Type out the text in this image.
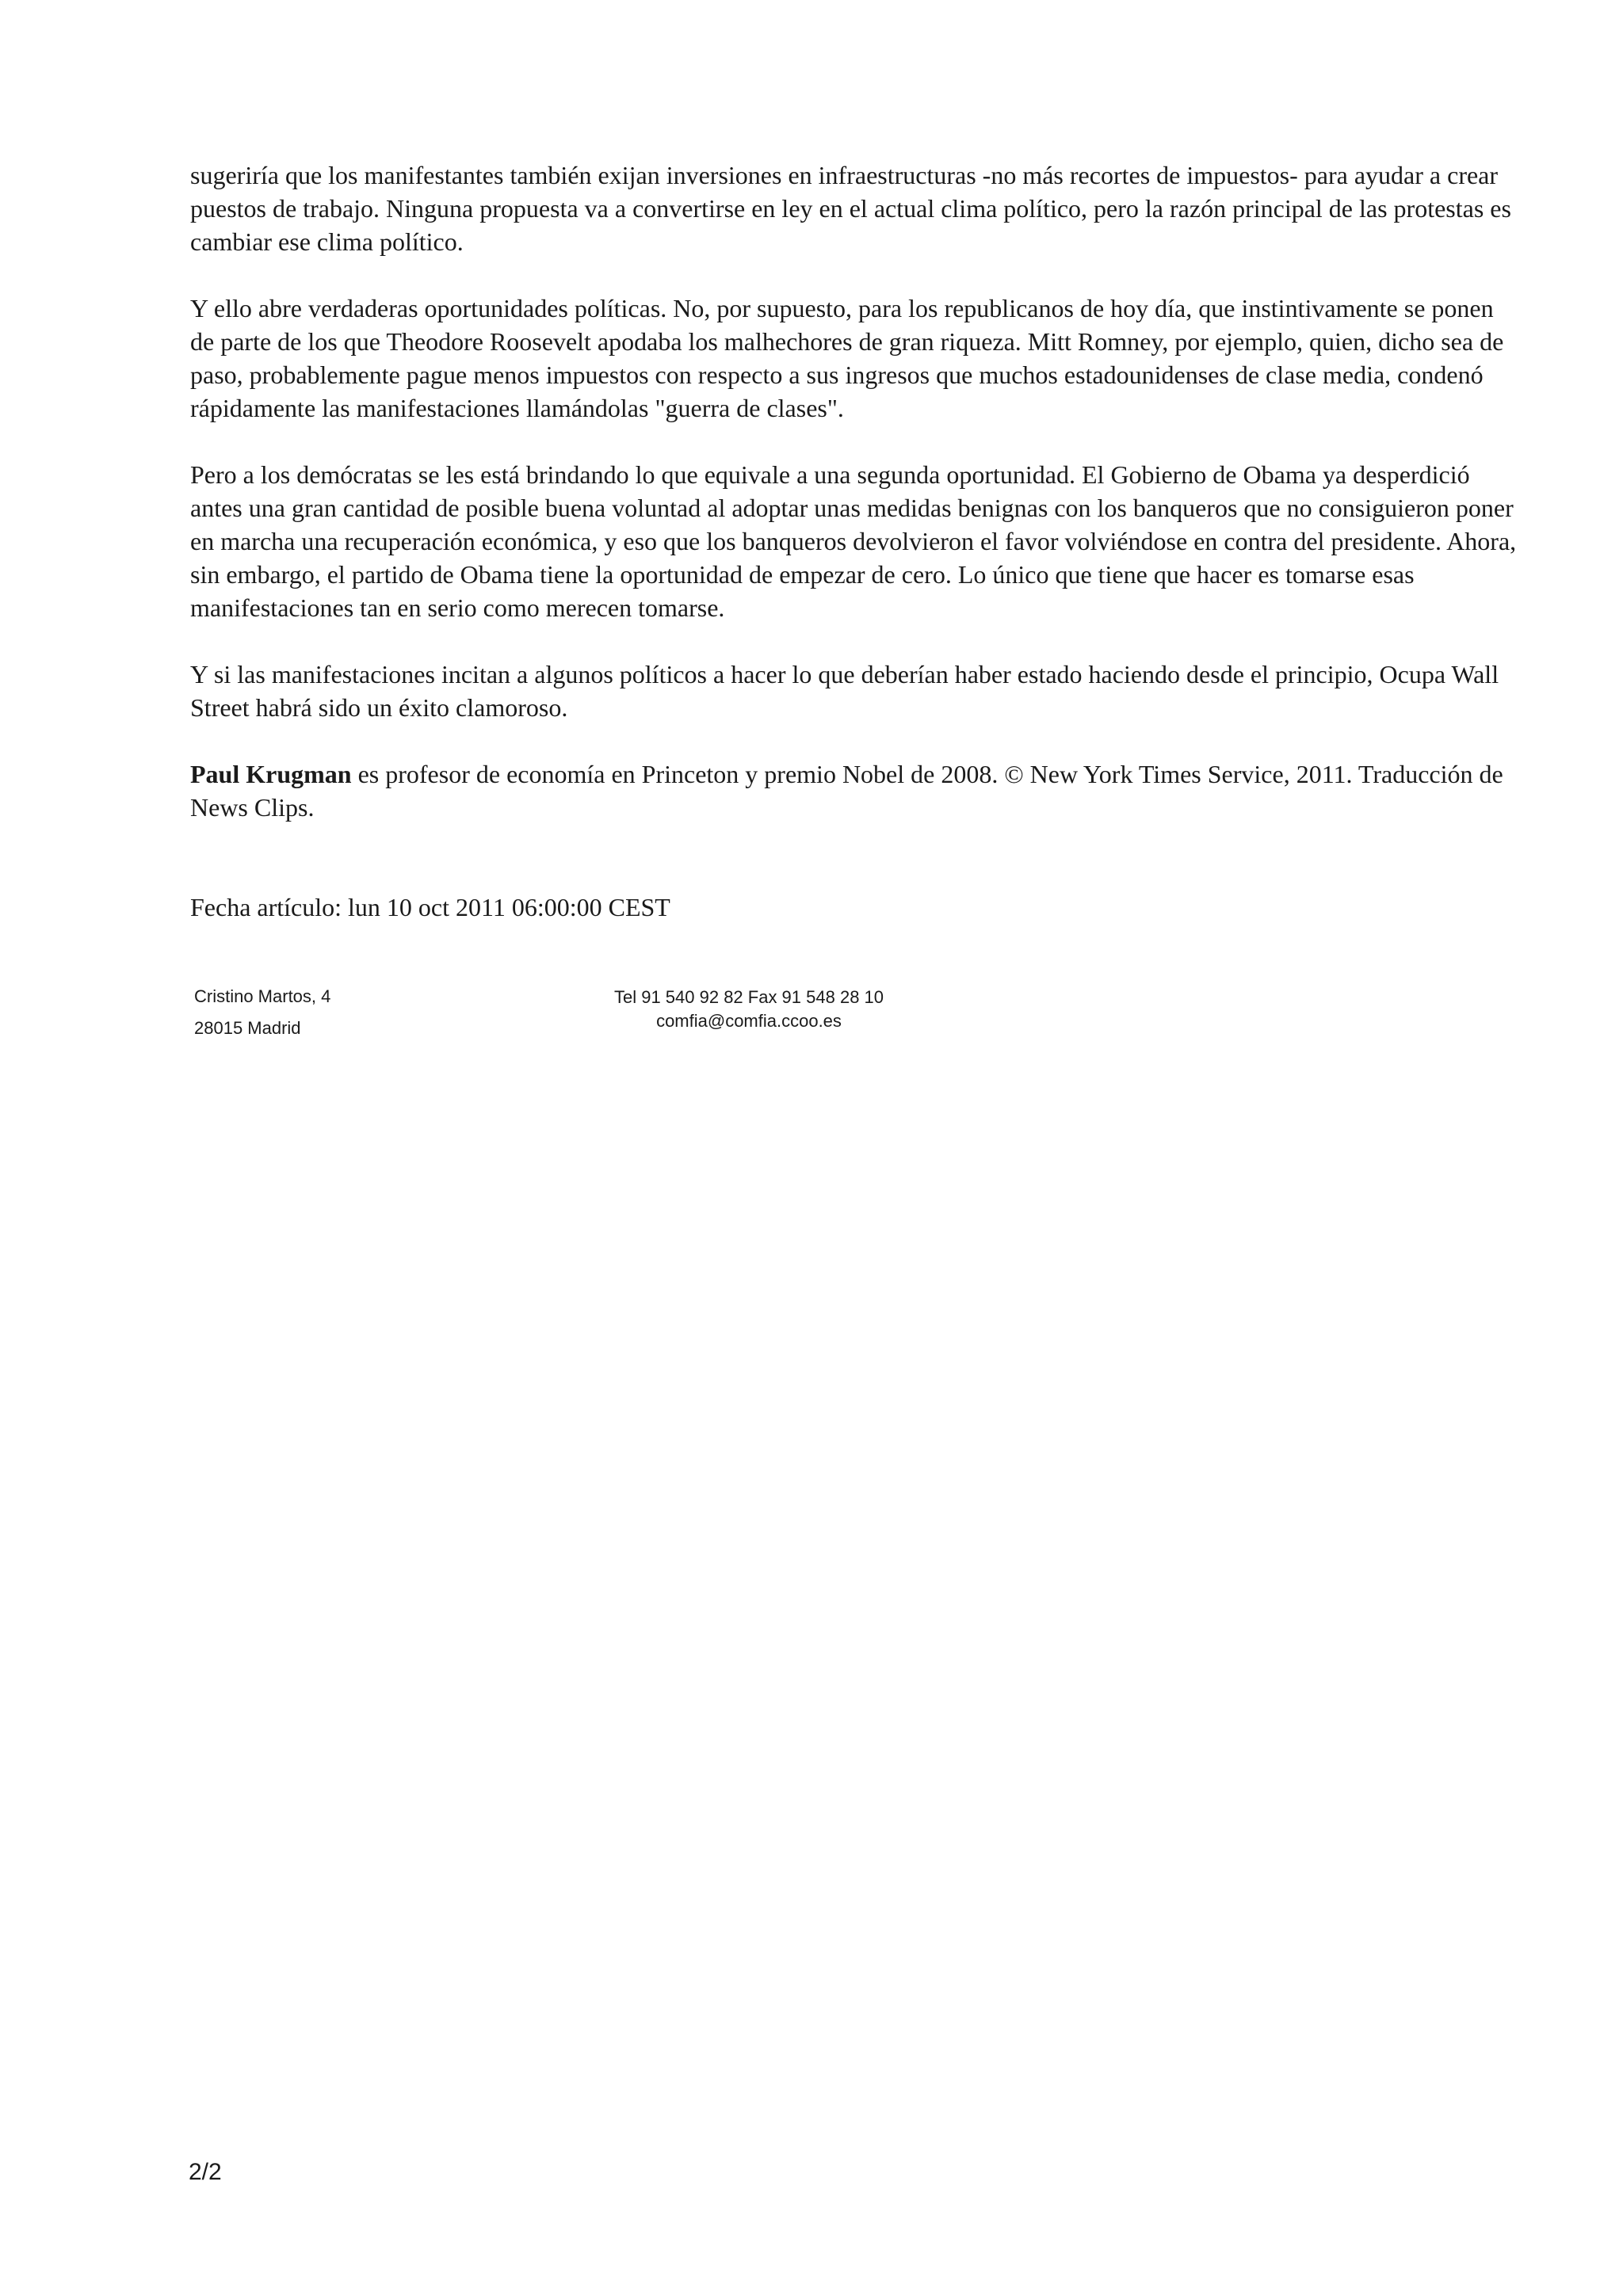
sugeriría que los manifestantes también exijan inversiones en infraestructuras -no más recortes de impuestos- para ayudar a crear puestos de trabajo. Ninguna propuesta va a convertirse en ley en el actual clima político, pero la razón principal de las protestas es cambiar ese clima político.

Y ello abre verdaderas oportunidades políticas. No, por supuesto, para los republicanos de hoy día, que instintivamente se ponen de parte de los que Theodore Roosevelt apodaba los malhechores de gran riqueza. Mitt Romney, por ejemplo, quien, dicho sea de paso, probablemente pague menos impuestos con respecto a sus ingresos que muchos estadounidenses de clase media, condenó rápidamente las manifestaciones llamándolas "guerra de clases".

Pero a los demócratas se les está brindando lo que equivale a una segunda oportunidad. El Gobierno de Obama ya desperdició antes una gran cantidad de posible buena voluntad al adoptar unas medidas benignas con los banqueros que no consiguieron poner en marcha una recuperación económica, y eso que los banqueros devolvieron el favor volviéndose en contra del presidente. Ahora, sin embargo, el partido de Obama tiene la oportunidad de empezar de cero. Lo único que tiene que hacer es tomarse esas manifestaciones tan en serio como merecen tomarse.

Y si las manifestaciones incitan a algunos políticos a hacer lo que deberían haber estado haciendo desde el principio, Ocupa Wall Street habrá sido un éxito clamoroso.

Paul Krugman es profesor de economía en Princeton y premio Nobel de 2008. © New York Times Service, 2011. Traducción de News Clips.

Fecha artículo: lun 10 oct 2011 06:00:00 CEST

Cristino Martos, 4
28015 Madrid
Tel 91 540 92 82 Fax 91 548 28 10
comfia@comfia.ccoo.es
2/2
